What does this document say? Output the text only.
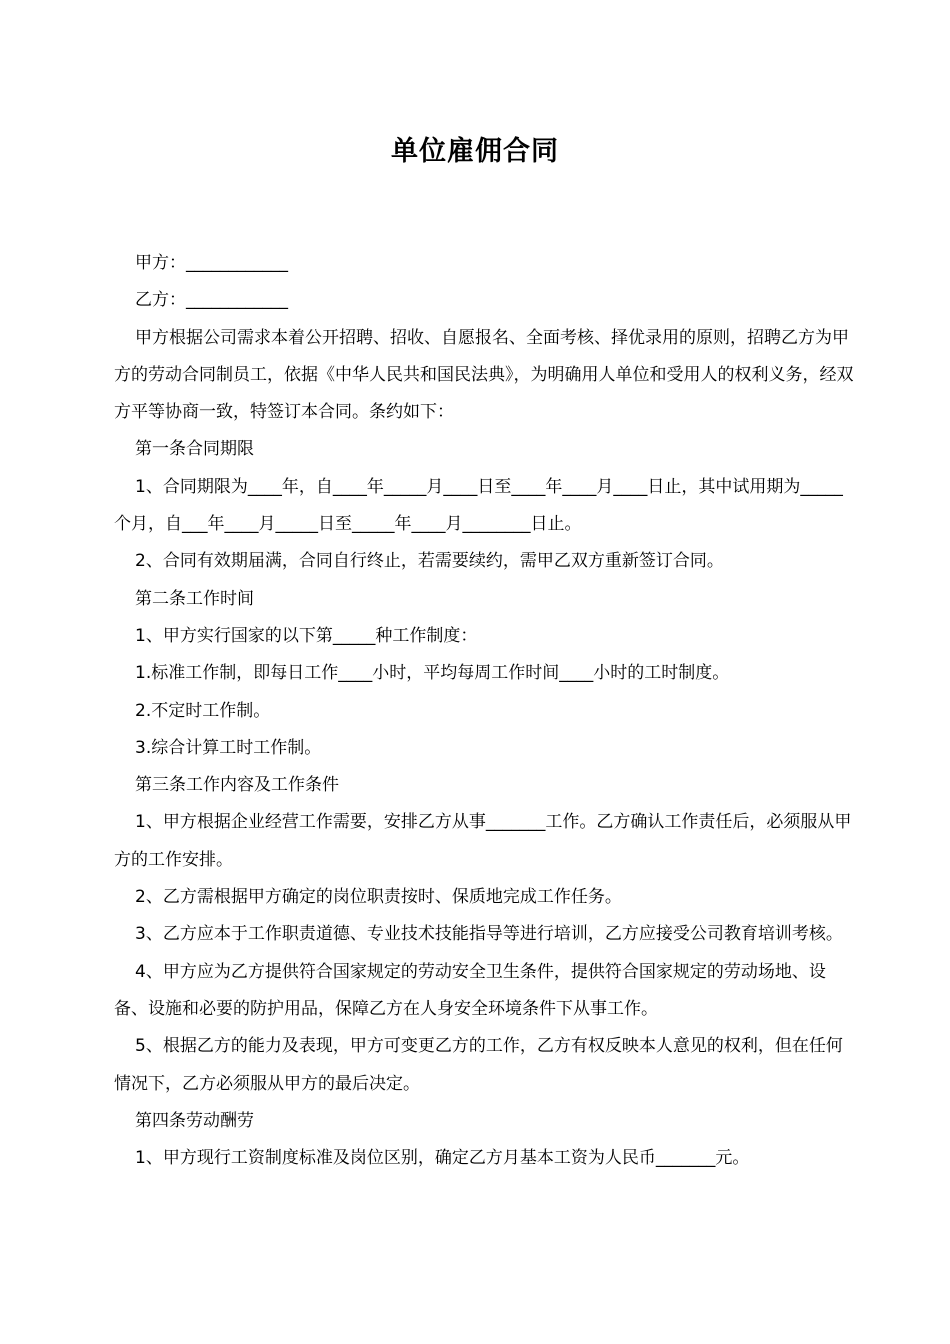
单位雇佣合同

甲方：____________

乙方：____________

甲方根据公司需求本着公开招聘、招收、自愿报名、全面考核、择优录用的原则，招聘乙方为甲方的劳动合同制员工，依据《中华人民共和国民法典》，为明确用人单位和受用人的权利义务，经双方平等协商一致，特签订本合同。条约如下：

第一条合同期限

1、合同期限为____年，自____年_____月____日至____年____月____日止，其中试用期为_____个月，自___年____月_____日至_____年____月________日止。

2、合同有效期届满，合同自行终止，若需要续约，需甲乙双方重新签订合同。

第二条工作时间

1、甲方实行国家的以下第_____种工作制度：

1.标准工作制，即每日工作____小时，平均每周工作时间____小时的工时制度。

2.不定时工作制。

3.综合计算工时工作制。

第三条工作内容及工作条件

1、甲方根据企业经营工作需要，安排乙方从事_______工作。乙方确认工作责任后，必须服从甲方的工作安排。

2、乙方需根据甲方确定的岗位职责按时、保质地完成工作任务。

3、乙方应本于工作职责道德、专业技术技能指导等进行培训，乙方应接受公司教育培训考核。

4、甲方应为乙方提供符合国家规定的劳动安全卫生条件，提供符合国家规定的劳动场地、设备、设施和必要的防护用品，保障乙方在人身安全环境条件下从事工作。

5、根据乙方的能力及表现，甲方可变更乙方的工作，乙方有权反映本人意见的权利，但在任何情况下，乙方必须服从甲方的最后决定。

第四条劳动酬劳

1、甲方现行工资制度标准及岗位区别，确定乙方月基本工资为人民币_______元。
